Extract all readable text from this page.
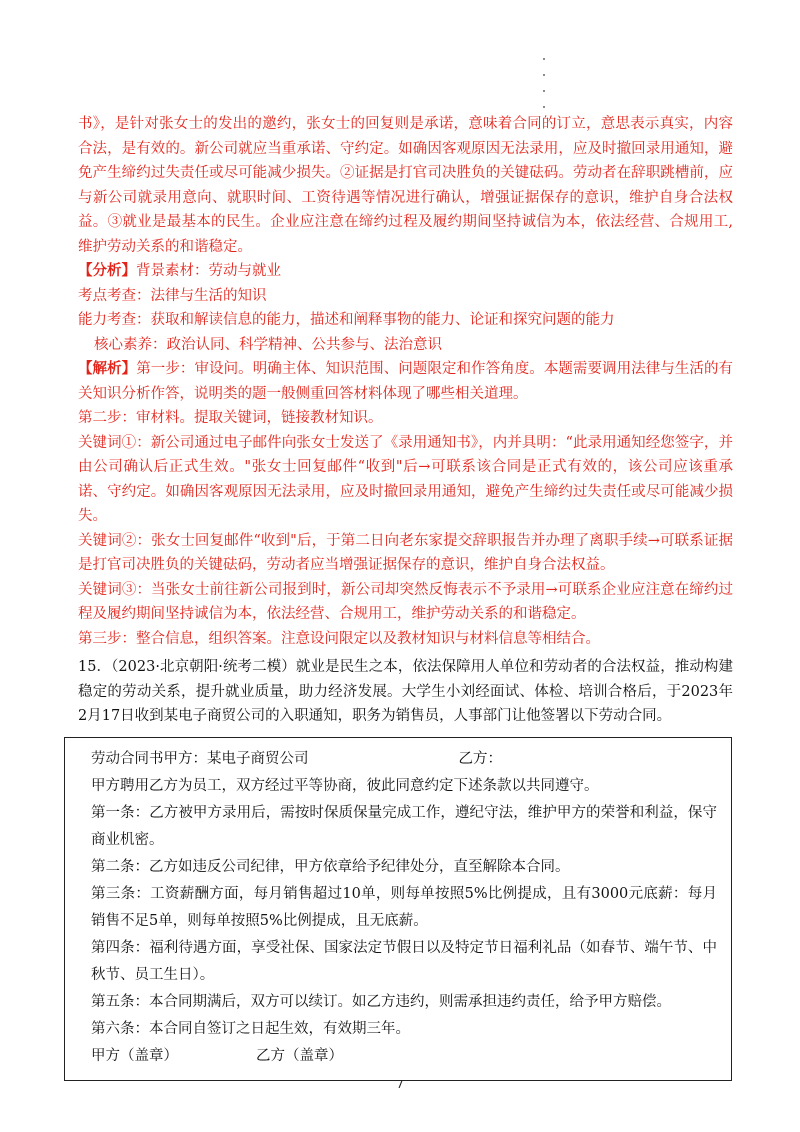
书》，是针对张女士的发出的邀约，张女士的回复则是承诺，意味着合同的订立，意思表示真实，内容合法，是有效的。新公司就应当重承诺、守约定。如确因客观原因无法录用，应及时撤回录用通知，避免产生缔约过失责任或尽可能减少损失。②证据是打官司决胜负的关键砝码。劳动者在辞职跳槽前，应与新公司就录用意向、就职时间、工资待遇等情况进行确认，增强证据保存的意识，维护自身合法权益。③就业是最基本的民生。企业应注意在缔约过程及履约期间坚持诚信为本，依法经营、合规用工,维护劳动关系的和谐稳定。

【分析】背景素材：劳动与就业

考点考查：法律与生活的知识

能力考查：获取和解读信息的能力，描述和阐释事物的能力、论证和探究问题的能力

核心素养：政治认同、科学精神、公共参与、法治意识

【解析】第一步：审设问。明确主体、知识范围、问题限定和作答角度。本题需要调用法律与生活的有关知识分析作答，说明类的题一般侧重回答材料体现了哪些相关道理。

第二步：审材料。提取关键词，链接教材知识。

关键词①：新公司通过电子邮件向张女士发送了《录用通知书》，内并具明：“此录用通知经您签字，并由公司确认后正式生效。"张女士回复邮件“收到"后→可联系该合同是正式有效的，该公司应该重承诺、守约定。如确因客观原因无法录用，应及时撤回录用通知，避免产生缔约过失责任或尽可能减少损失。

关键词②：张女士回复邮件“收到"后，于第二日向老东家提交辞职报告并办理了离职手续→可联系证据是打官司决胜负的关键砝码，劳动者应当增强证据保存的意识，维护自身合法权益。

关键词③：当张女士前往新公司报到时，新公司却突然反悔表示不予录用→可联系企业应注意在缔约过程及履约期间坚持诚信为本，依法经营、合规用工，维护劳动关系的和谐稳定。

第三步：整合信息，组织答案。注意设问限定以及教材知识与材料信息等相结合。

15．（2023·北京朝阳·统考二模）就业是民生之本，依法保障用人单位和劳动者的合法权益，推动构建稳定的劳动关系，提升就业质量，助力经济发展。大学生小刘经面试、体检、培训合格后，于2023年2月17日收到某电子商贸公司的入职通知，职务为销售员，人事部门让他签署以下劳动合同。

劳动合同书甲方：某电子商贸公司	乙方：

甲方聘用乙方为员工，双方经过平等协商，彼此同意约定下述条款以共同遵守。

第一条：乙方被甲方录用后，需按时保质保量完成工作，遵纪守法，维护甲方的荣誉和利益，保守商业机密。

第二条：乙方如违反公司纪律，甲方依章给予纪律处分，直至解除本合同。

第三条：工资薪酬方面，每月销售超过10单，则每单按照5%比例提成，且有3000元底薪：每月销售不足5单，则每单按照5%比例提成，且无底薪。

第四条：福利待遇方面，享受社保、国家法定节假日以及特定节日福利礼品（如春节、端午节、中秋节、员工生日）。

第五条：本合同期满后，双方可以续订。如乙方违约，则需承担违约责任，给予甲方赔偿。

第六条：本合同自签订之日起生效，有效期三年。

甲方（盖章）	乙方（盖章）

7
